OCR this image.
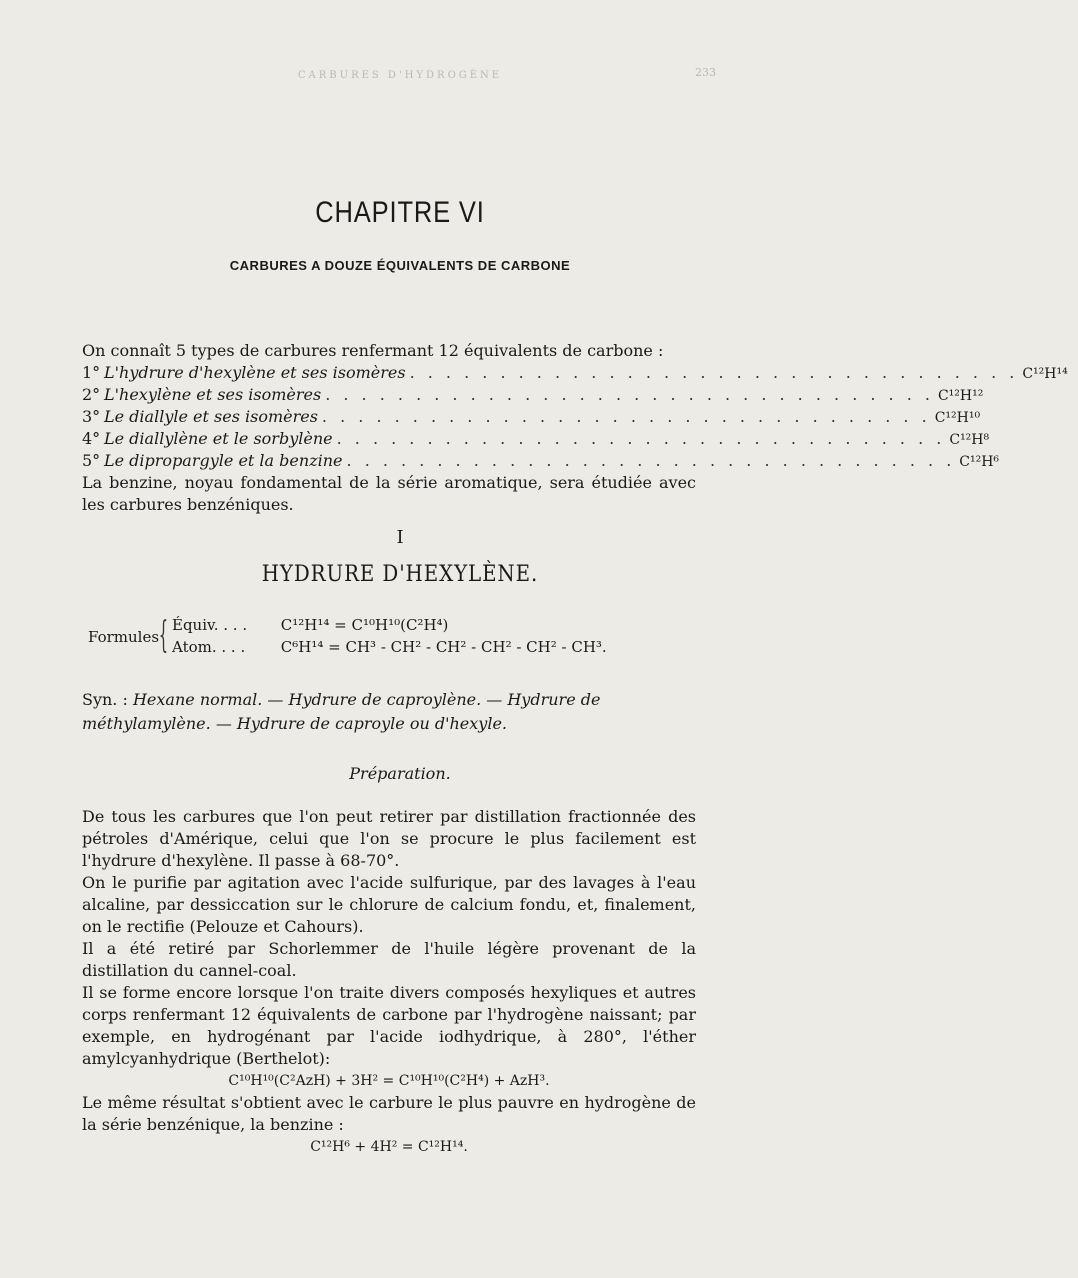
CARBURES D'HYDROGÈNE	233
CHAPITRE VI
CARBURES A DOUZE ÉQUIVALENTS DE CARBONE

On connaît 5 types de carbures renfermant 12 équivalents de carbone :

1° L'hydrure d'hexylène et ses isomères . . . . . . . . . . . . . . . . . . . . . . . . . . . . . . . . . . C¹²H¹⁴
2° L'hexylène et ses isomères . . . . . . . . . . . . . . . . . . . . . . . . . . . . . . . . . . C¹²H¹²
3° Le diallyle et ses isomères . . . . . . . . . . . . . . . . . . . . . . . . . . . . . . . . . . C¹²H¹⁰
4° Le diallylène et le sorbylène . . . . . . . . . . . . . . . . . . . . . . . . . . . . . . . . . . C¹²H⁸
5° Le dipropargyle et la benzine . . . . . . . . . . . . . . . . . . . . . . . . . . . . . . . . . . C¹²H⁶

La benzine, noyau fondamental de la série aromatique, sera étudiée avec les carbures benzéniques.

I
HYDRURE D'HEXYLÈNE.
Formules { Équiv. . . . C¹²H¹⁴ = C¹⁰H¹⁰(C²H⁴)
Atom. . . . C⁶H¹⁴ = CH³ - CH² - CH² - CH² - CH² - CH³.
Syn. : Hexane normal. — Hydrure de caproylène. — Hydrure de méthylamylène. — Hydrure de caproyle ou d'hexyle.
Préparation.

De tous les carbures que l'on peut retirer par distillation fractionnée des pétroles d'Amérique, celui que l'on se procure le plus facilement est l'hydrure d'hexylène. Il passe à 68-70°.

On le purifie par agitation avec l'acide sulfurique, par des lavages à l'eau alcaline, par dessiccation sur le chlorure de calcium fondu, et, finalement, on le rectifie (Pelouze et Cahours).

Il a été retiré par Schorlemmer de l'huile légère provenant de la distillation du cannel-coal.

Il se forme encore lorsque l'on traite divers composés hexyliques et autres corps renfermant 12 équivalents de carbone par l'hydrogène naissant; par exemple, en hydrogénant par l'acide iodhydrique, à 280°, l'éther amylcyanhydrique (Berthelot):

C¹⁰H¹⁰(C²AzH) + 3H² = C¹⁰H¹⁰(C²H⁴) + AzH³.

Le même résultat s'obtient avec le carbure le plus pauvre en hydrogène de la série benzénique, la benzine :

C¹²H⁶ + 4H² = C¹²H¹⁴.
